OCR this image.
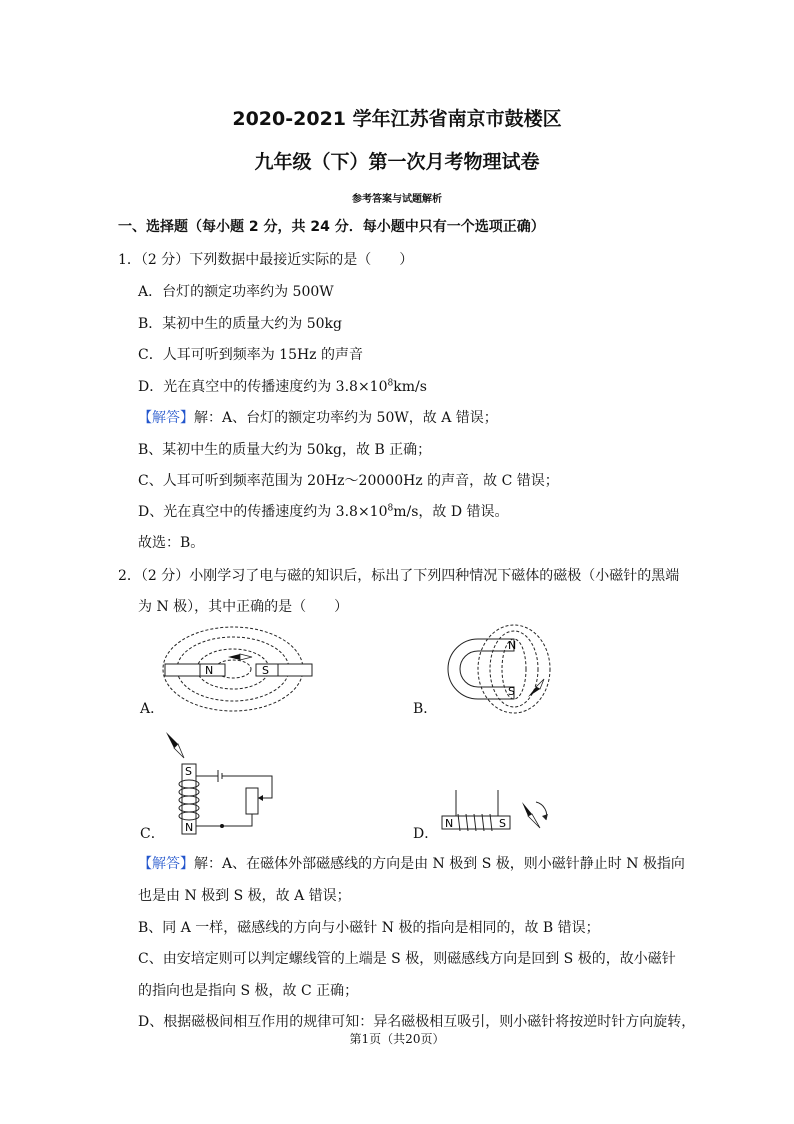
2020-2021 学年江苏省南京市鼓楼区
九年级（下）第一次月考物理试卷
参考答案与试题解析
一、选择题（每小题 2 分，共 24 分．每小题中只有一个选项正确）
1．（2 分）下列数据中最接近实际的是（　　）
A．台灯的额定功率约为 500W
B．某初中生的质量大约为 50kg
C．人耳可听到频率为 15Hz 的声音
D．光在真空中的传播速度约为 $3.8\times 10^8km/s$
【解答】解：A、台灯的额定功率约为 50W，故 A 错误；
B、某初中生的质量大约为 50kg，故 B 正确；
C、人耳可听到频率范围为 20Hz～20000Hz 的声音，故 C 错误；
D、光在真空中的传播速度约为 $3.8\times 10^8m/s$，故 D 错误。
故选：B。
2．（2 分）小刚学习了电与磁的知识后，标出了下列四种情况下磁体的磁极（小磁针的黑端
为 N 极），其中正确的是（　　）
N	S
A．
N
S
B．
S
N
C．
N	S
D．
【解答】解：A、在磁体外部磁感线的方向是由 N 极到 S 极，则小磁针静止时 N 极指向
也是由 N 极到 S 极，故 A 错误；
B、同 A 一样，磁感线的方向与小磁针 N 极的指向是相同的，故 B 错误；
C、由安培定则可以判定螺线管的上端是 S 极，则磁感线方向是回到 S 极的，故小磁针
的指向也是指向 S 极，故 C 正确；
D、根据磁极间相互作用的规律可知：异名磁极相互吸引，则小磁针将按逆时针方向旋转，
第1页（共20页）
